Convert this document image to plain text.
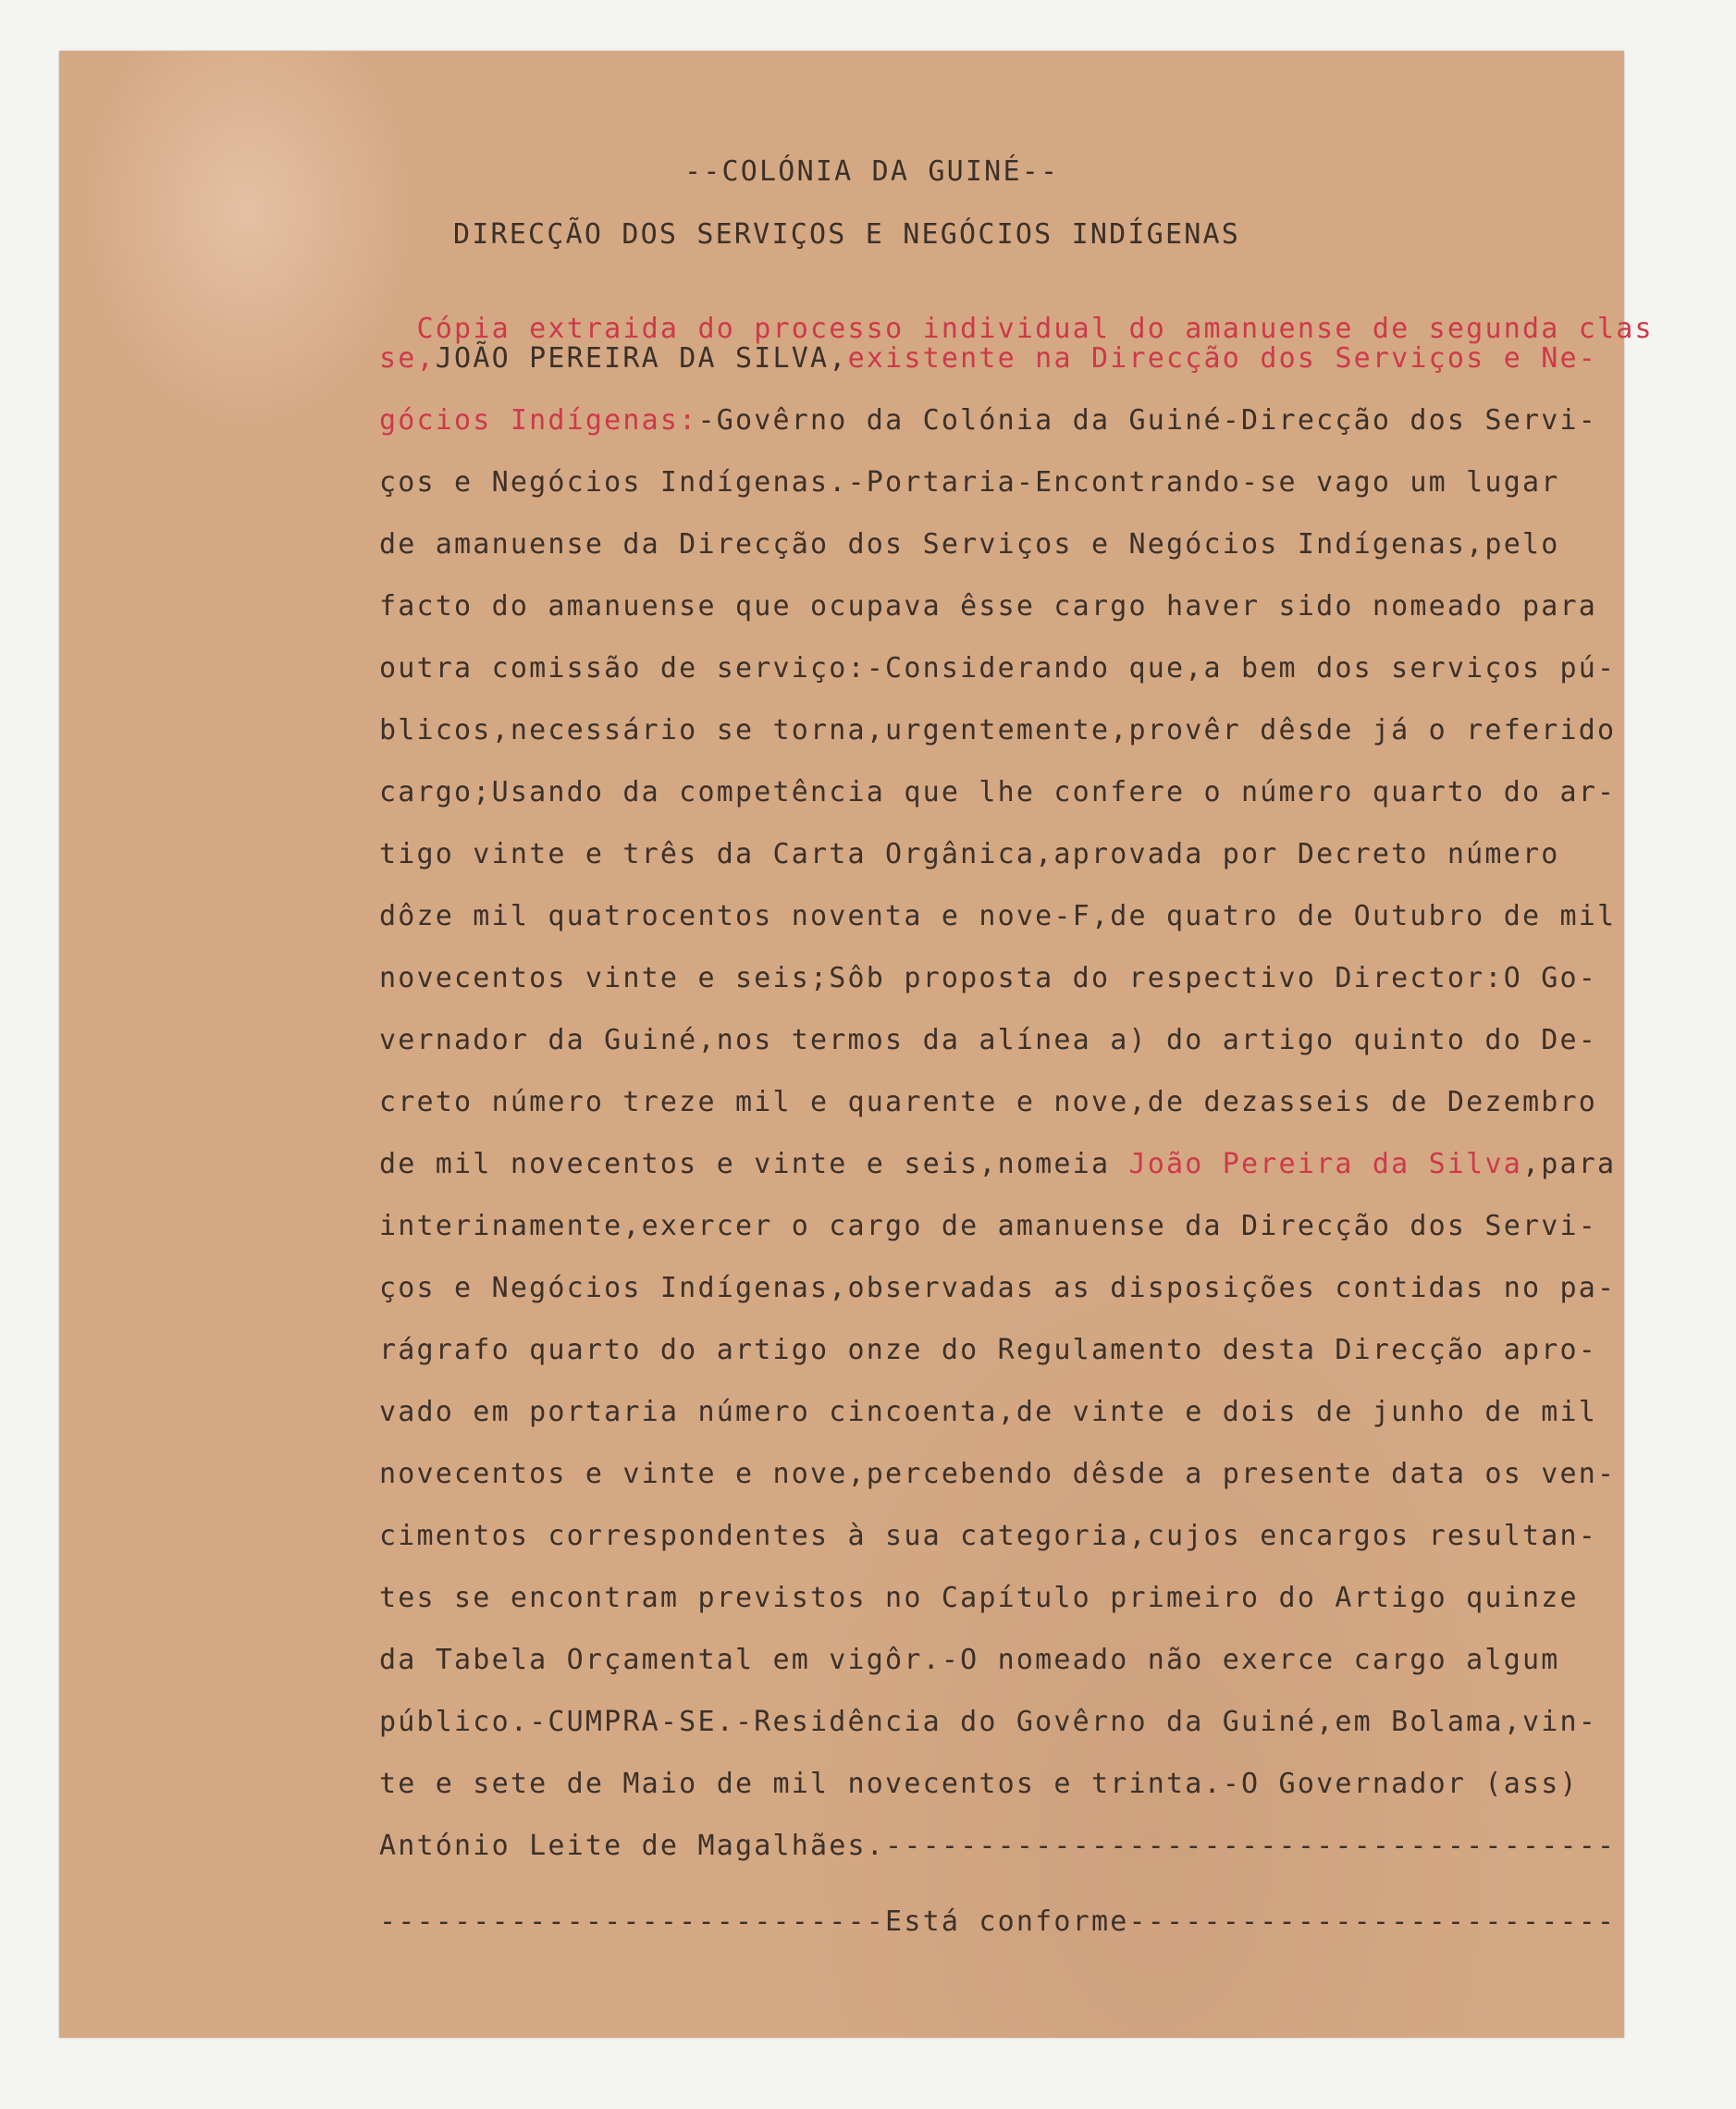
--COLÓNIA DA GUINÉ--
DIRECÇÃO DOS SERVIÇOS E NEGÓCIOS INDÍGENAS

Cópia extraida do processo individual do amanuense de segunda clas

se,JOÃO PEREIRA DA SILVA,existente na Direcção dos Serviços e Ne-
gócios Indígenas:-Govêrno da Colónia da Guiné-Direcção dos Servi-
ços e Negócios Indígenas.-Portaria-Encontrando-se vago um lugar
de amanuense da Direcção dos Serviços e Negócios Indígenas,pelo
facto do amanuense que ocupava êsse cargo haver sido nomeado para
outra comissão de serviço:-Considerando que,a bem dos serviços pú-
blicos,necessário se torna,urgentemente,provêr dêsde já o referido
cargo;Usando da competência que lhe confere o número quarto do ar-
tigo vinte e três da Carta Orgânica,aprovada por Decreto número
dôze mil quatrocentos noventa e nove-F,de quatro de Outubro de mil
novecentos vinte e seis;Sôb proposta do respectivo Director:O Go-
vernador da Guiné,nos termos da alínea a) do artigo quinto do De-
creto número treze mil e quarente e nove,de dezasseis de Dezembro
de mil novecentos e vinte e seis,nomeia João Pereira da Silva,para
interinamente,exercer o cargo de amanuense da Direcção dos Servi-
ços e Negócios Indígenas,observadas as disposições contidas no pa-
rágrafo quarto do artigo onze do Regulamento desta Direcção apro-
vado em portaria número cincoenta,de vinte e dois de junho de mil
novecentos e vinte e nove,percebendo dêsde a presente data os ven-
cimentos correspondentes à sua categoria,cujos encargos resultan-
tes se encontram previstos no Capítulo primeiro do Artigo quinze
da Tabela Orçamental em vigôr.-O nomeado não exerce cargo algum
público.-CUMPRA-SE.-Residência do Govêrno da Guiné,em Bolama,vin-
te e sete de Maio de mil novecentos e trinta.-O Governador (ass)
António Leite de Magalhães.---------------------------------------
---------------------------Está conforme--------------------------
